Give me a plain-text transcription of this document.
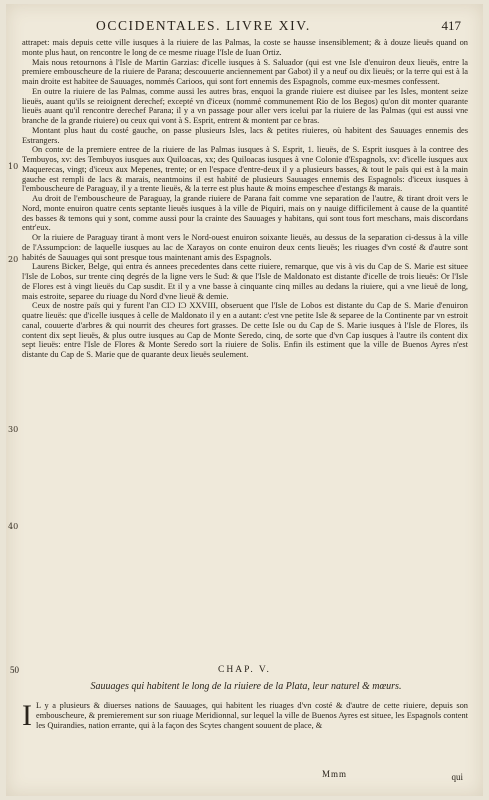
OCCIDENTALES. LIVRE XIV.	417

attrapet: mais depuis cette ville iusques à la riuiere de las Palmas, la coste se hausse insensiblement; & à douze lieuës quand on monte plus haut, on rencontre le long de ce mesme riuage l'Isle de Iuan Ortiz.

Mais nous retournons à l'Isle de Martin Garzias: d'icelle iusques à S. Saluador (qui est vne Isle d'enuiron deux lieuës, entre la premiere embouscheure de la riuiere de Parana; descouuerte anciennement par Gabot) il y a neuf ou dix lieuës; or la terre qui est à la main droite est habitee de Sauuages, nommés Carioos, qui sont fort ennemis des Espagnols, comme eux-mesmes confessent.

En outre la riuiere de las Palmas, comme aussi les autres bras, enquoi la grande riuiere est diuisee par les Isles, montent seize lieuës, auant qu'ils se reioignent derechef; excepté vn d'iceux (nommé communement Rio de los Begos) qu'on dit monter quarante lieuës auant qu'il rencontre derechef Parana; il y a vn passage pour aller vers icelui par la riuiere de las Palmas (qui est aussi vne branche de la grande riuiere) ou ceux qui vont à S. Esprit, entrent & montent par ce bras.

Montant plus haut du costé gauche, on passe plusieurs Isles, lacs & petites riuieres, où habitent des Sauuages ennemis des Estrangers.

On conte de la premiere entree de la riuiere de las Palmas iusques à S. Esprit, 1. lieuës, de S. Esprit iusques à la contree des Tembuyos, xv: des Tembuyos iusques aux Quiloacas, xx; des Quiloacas iusques à vne Colonie d'Espagnols, xv: d'icelle iusques aux Maquerecas, vingt; d'iceux aux Mepenes, trente; or en l'espace d'entre-deux il y a plusieurs basses, & tout le païs qui est à la main gauche est rempli de lacs & marais, neantmoins il est habité de plusieurs Sauuages ennemis des Espagnols: d'iceux iusques à l'embouscheure de Paraguay, il y a trente lieuës, & la terre est plus haute & moins empeschee d'estangs & marais.

Au droit de l'embouscheure de Paraguay, la grande riuiere de Parana fait comme vne separation de l'autre, & tirant droit vers le Nord, monte enuiron quatre cents septante lieuës iusques à la ville de Piquiri, mais on y nauige difficilement à cause de la quantité des basses & temons qui y sont, comme aussi pour la crainte des Sauuages y habitans, qui sont tous fort meschans, mais discordans entr'eux.

Or la riuiere de Paraguay tirant à mont vers le Nord-ouest enuiron soixante lieuës, au dessus de la separation ci-dessus à la ville de l'Assumpcion: de laquelle iusques au lac de Xarayos on conte enuiron deux cents lieuës; les riuages d'vn costé & d'autre sont habités de Sauuages qui sont presque tous maintenant amis des Espagnols.

Laurens Bicker, Belge, qui entra és annees precedentes dans cette riuiere, remarque, que vis à vis du Cap de S. Marie est situee l'Isle de Lobos, sur trente cinq degrés de la ligne vers le Sud: & que l'Isle de Maldonato est distante d'icelle de trois lieuës: Or l'Isle de Flores est à vingt lieuës du Cap susdit. Et il y a vne basse à cinquante cinq milles au dedans la riuiere, qui a vne lieuë de long, mais estroite, separee du riuage du Nord d'vne lieuë & demie.

Ceux de nostre païs qui y furent l'an CIƆ IƆ XXVIII, obseruent que l'Isle de Lobos est distante du Cap de S. Marie d'enuiron quatre lieuës: que d'icelle iusques à celle de Maldonato il y en a autant: c'est vne petite Isle & separee de la Continente par vn estroit canal, couuerte d'arbres & qui nourrit des cheures fort grasses. De cette Isle ou du Cap de S. Marie iusques à l'Isle de Flores, ils content dix sept lieuës, & plus outre iusques au Cap de Monte Seredo, cinq, de sorte que d'vn Cap iusques à l'autre ils content dix sept lieuës: entre l'Isle de Flores & Monte Seredo sort la riuiere de Solis. Enfin ils estiment que la ville de Buenos Ayres n'est distante du Cap de S. Marie que de quarante deux lieuës seulement.

10
20
30
40
50	CHAP. V.
Sauuages qui habitent le long de la riuiere de la Plata, leur naturel & mœurs.
I L y a plusieurs & diuerses nations de Sauuages, qui habitent les riuages d'vn costé & d'autre de cette riuiere, depuis son embouscheure, & premierement sur son riuage Meridionnal, sur lequel la ville de Buenos Ayres est situee, les Espagnols content les Quirandies, nation errante, qui à la façon des Scytes changent souuent de place, &
Mmm	qui
